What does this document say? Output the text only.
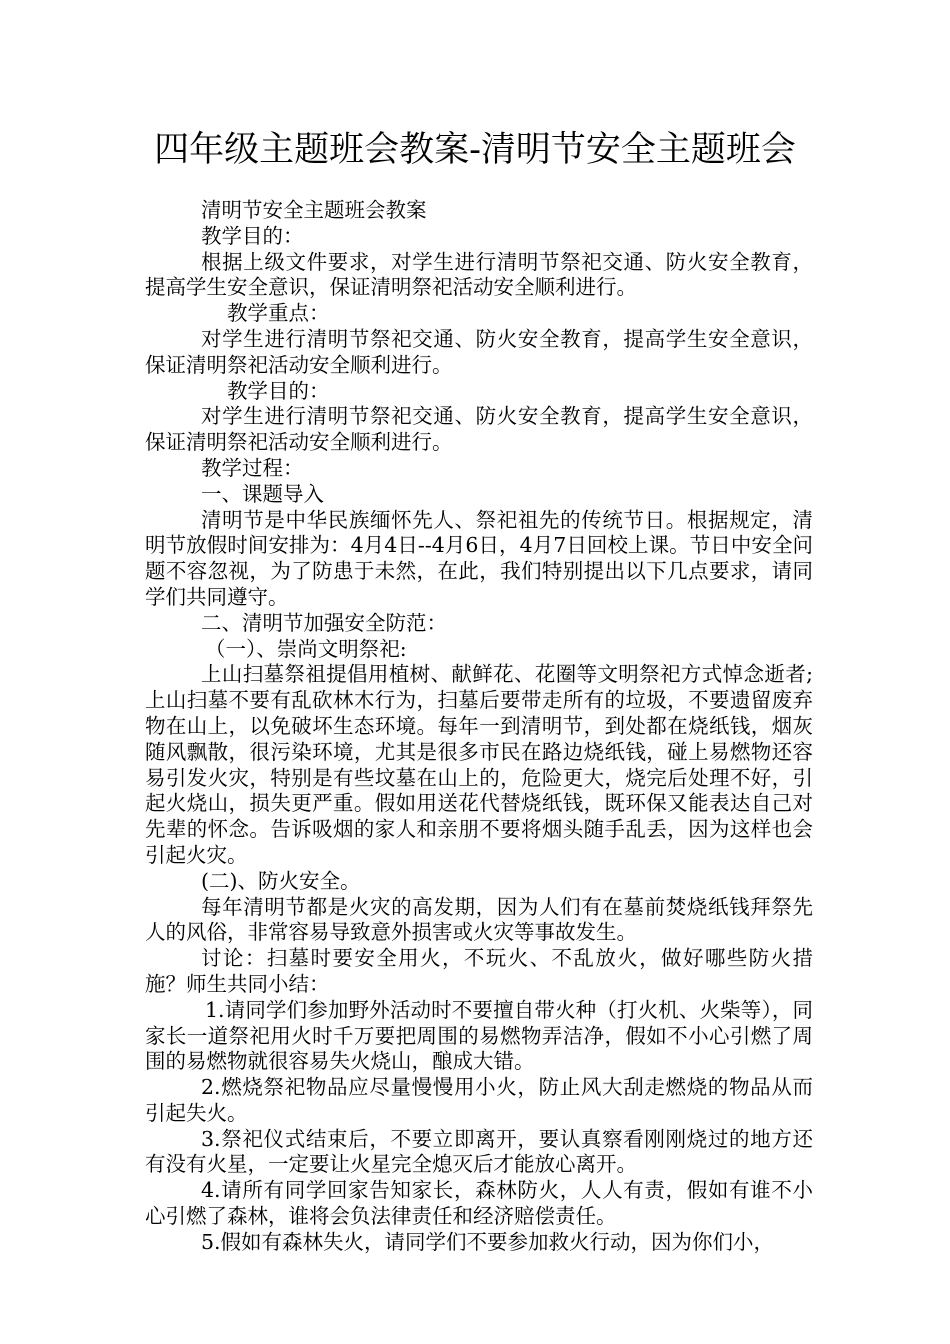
四年级主题班会教案-清明节安全主题班会

清明节安全主题班会教案

教学目的：

根据上级文件要求，对学生进行清明节祭祀交通、防火安全教育，提高学生安全意识，保证清明祭祀活动安全顺利进行。

教学重点：

对学生进行清明节祭祀交通、防火安全教育，提高学生安全意识，保证清明祭祀活动安全顺利进行。

教学目的：

对学生进行清明节祭祀交通、防火安全教育，提高学生安全意识，保证清明祭祀活动安全顺利进行。

教学过程：

一、课题导入

清明节是中华民族缅怀先人、祭祀祖先的传统节日。根据规定，清明节放假时间安排为：4月4日--4月6日，4月7日回校上课。节日中安全问题不容忽视，为了防患于未然，在此，我们特别提出以下几点要求，请同学们共同遵守。

二、清明节加强安全防范：

（一）、崇尚文明祭祀:

上山扫墓祭祖提倡用植树、献鲜花、花圈等文明祭祀方式悼念逝者;上山扫墓不要有乱砍林木行为，扫墓后要带走所有的垃圾，不要遗留废弃物在山上，以免破坏生态环境。每年一到清明节，到处都在烧纸钱，烟灰随风飘散，很污染环境，尤其是很多市民在路边烧纸钱，碰上易燃物还容易引发火灾，特别是有些坟墓在山上的，危险更大，烧完后处理不好，引起火烧山，损失更严重。假如用送花代替烧纸钱，既环保又能表达自己对先辈的怀念。告诉吸烟的家人和亲朋不要将烟头随手乱丢，因为这样也会引起火灾。

(二)、防火安全。

每年清明节都是火灾的高发期，因为人们有在墓前焚烧纸钱拜祭先人的风俗，非常容易导致意外损害或火灾等事故发生。

讨论：扫墓时要安全用火，不玩火、不乱放火，做好哪些防火措施？师生共同小结：

1.请同学们参加野外活动时不要擅自带火种（打火机、火柴等），同家长一道祭祀用火时千万要把周围的易燃物弄洁净，假如不小心引燃了周围的易燃物就很容易失火烧山，酿成大错。

2.燃烧祭祀物品应尽量慢慢用小火，防止风大刮走燃烧的物品从而引起失火。

3.祭祀仪式结束后，不要立即离开，要认真察看刚刚烧过的地方还有没有火星，一定要让火星完全熄灭后才能放心离开。

4.请所有同学回家告知家长，森林防火，人人有责，假如有谁不小心引燃了森林，谁将会负法律责任和经济赔偿责任。

5.假如有森林失火，请同学们不要参加救火行动，因为你们小，
